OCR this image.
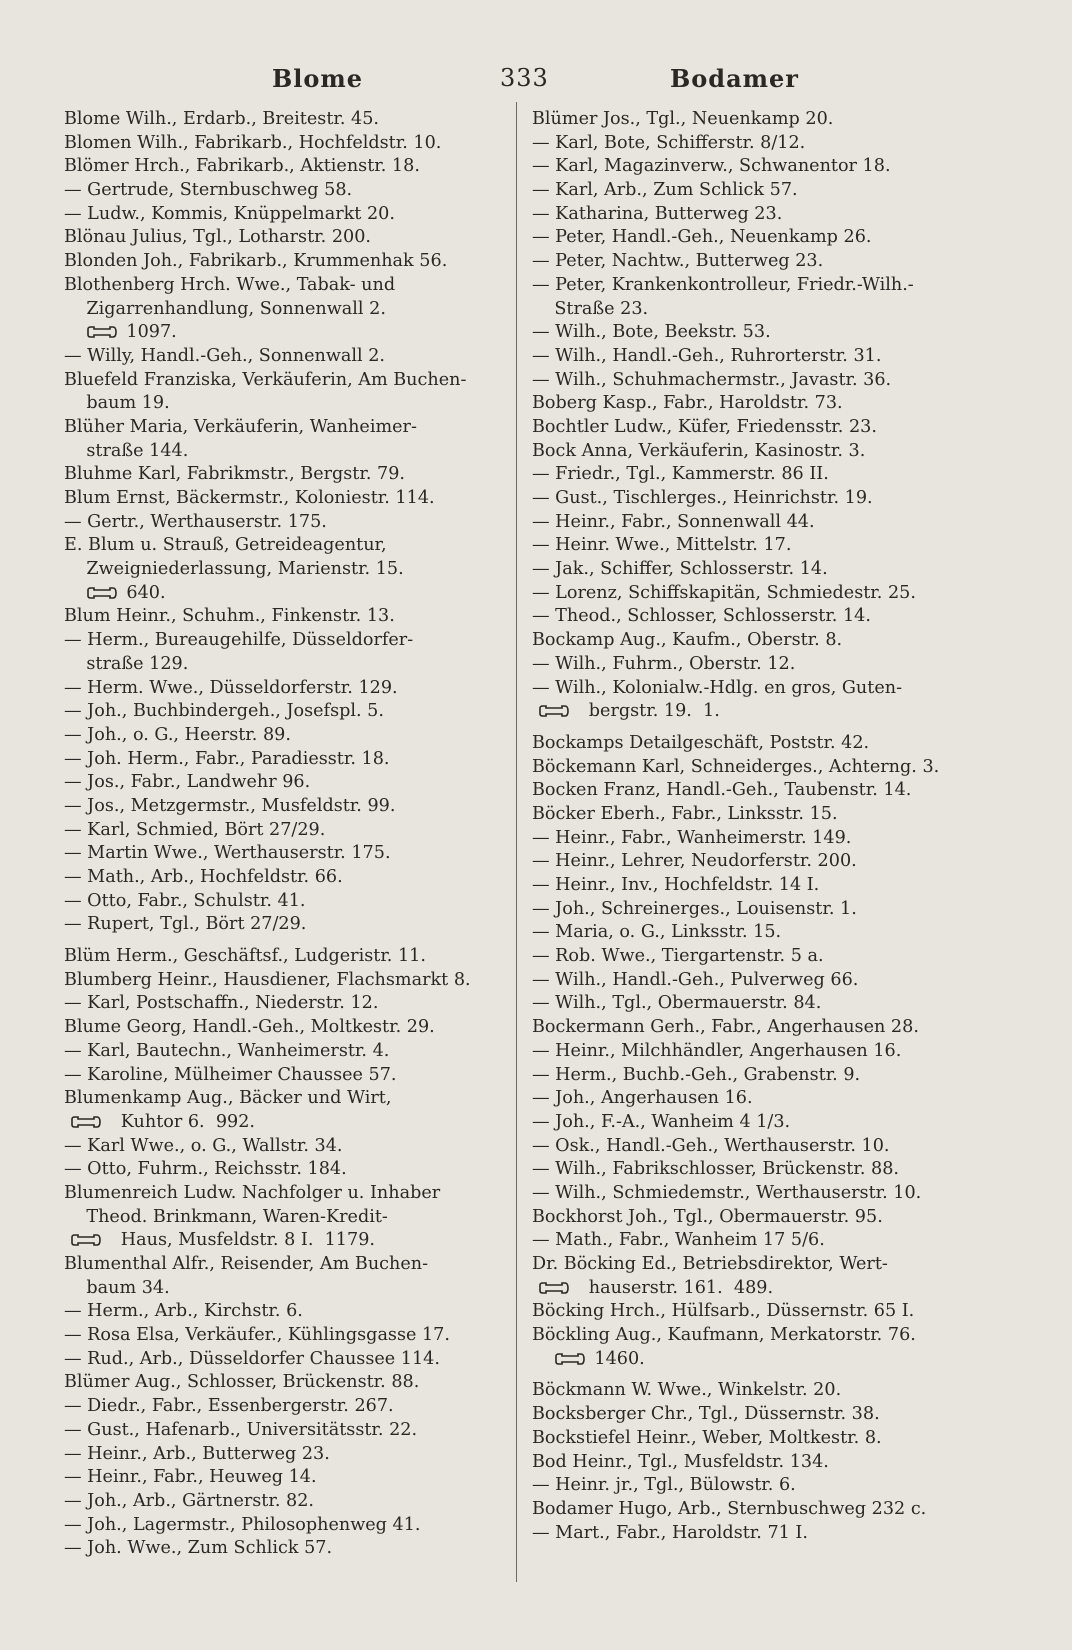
Blome	333	Bodamer
Blome Wilh., Erdarb., Breitestr. 45.
Blomen Wilh., Fabrikarb., Hochfeldstr. 10.
Blömer Hrch., Fabrikarb., Aktienstr. 18.
— Gertrude, Sternbuschweg 58.
— Ludw., Kommis, Knüppelmarkt 20.
Blönau Julius, Tgl., Lotharstr. 200.
Blonden Joh., Fabrikarb., Krummenhak 56.
Blothenberg Hrch. Wwe., Tabak- und
Zigarrenhandlung, Sonnenwall 2.
1097.
— Willy, Handl.-Geh., Sonnenwall 2.
Bluefeld Franziska, Verkäuferin, Am Buchen-
baum 19.
Blüher Maria, Verkäuferin, Wanheimer-
straße 144.
Bluhme Karl, Fabrikmstr., Bergstr. 79.
Blum Ernst, Bäckermstr., Koloniestr. 114.
— Gertr., Werthauserstr. 175.
E. Blum u. Strauß, Getreideagentur,
Zweigniederlassung, Marienstr. 15.
640.
Blum Heinr., Schuhm., Finkenstr. 13.
— Herm., Bureaugehilfe, Düsseldorfer-
straße 129.
— Herm. Wwe., Düsseldorferstr. 129.
— Joh., Buchbindergeh., Josefspl. 5.
— Joh., o. G., Heerstr. 89.
— Joh. Herm., Fabr., Paradiesstr. 18.
— Jos., Fabr., Landwehr 96.
— Jos., Metzgermstr., Musfeldstr. 99.
— Karl, Schmied, Bört 27/29.
— Martin Wwe., Werthauserstr. 175.
— Math., Arb., Hochfeldstr. 66.
— Otto, Fabr., Schulstr. 41.
— Rupert, Tgl., Bört 27/29.
Blüm Herm., Geschäftsf., Ludgeristr. 11.
Blumberg Heinr., Hausdiener, Flachsmarkt 8.
— Karl, Postschaffn., Niederstr. 12.
Blume Georg, Handl.-Geh., Moltkestr. 29.
— Karl, Bautechn., Wanheimerstr. 4.
— Karoline, Mülheimer Chaussee 57.
Blumenkamp Aug., Bäcker und Wirt,
Kuhtor 6.  992.
— Karl Wwe., o. G., Wallstr. 34.
— Otto, Fuhrm., Reichsstr. 184.
Blumenreich Ludw. Nachfolger u. Inhaber
Theod. Brinkmann, Waren-Kredit-
Haus, Musfeldstr. 8 I.  1179.
Blumenthal Alfr., Reisender, Am Buchen-
baum 34.
— Herm., Arb., Kirchstr. 6.
— Rosa Elsa, Verkäufer., Kühlingsgasse 17.
— Rud., Arb., Düsseldorfer Chaussee 114.
Blümer Aug., Schlosser, Brückenstr. 88.
— Diedr., Fabr., Essenbergerstr. 267.
— Gust., Hafenarb., Universitätsstr. 22.
— Heinr., Arb., Butterweg 23.
— Heinr., Fabr., Heuweg 14.
— Joh., Arb., Gärtnerstr. 82.
— Joh., Lagermstr., Philosophenweg 41.
— Joh. Wwe., Zum Schlick 57.
Blümer Jos., Tgl., Neuenkamp 20.
— Karl, Bote, Schifferstr. 8/12.
— Karl, Magazinverw., Schwanentor 18.
— Karl, Arb., Zum Schlick 57.
— Katharina, Butterweg 23.
— Peter, Handl.-Geh., Neuenkamp 26.
— Peter, Nachtw., Butterweg 23.
— Peter, Krankenkontrolleur, Friedr.-Wilh.-
Straße 23.
— Wilh., Bote, Beekstr. 53.
— Wilh., Handl.-Geh., Ruhrorterstr. 31.
— Wilh., Schuhmachermstr., Javastr. 36.
Boberg Kasp., Fabr., Haroldstr. 73.
Bochtler Ludw., Küfer, Friedensstr. 23.
Bock Anna, Verkäuferin, Kasinostr. 3.
— Friedr., Tgl., Kammerstr. 86 II.
— Gust., Tischlerges., Heinrichstr. 19.
— Heinr., Fabr., Sonnenwall 44.
— Heinr. Wwe., Mittelstr. 17.
— Jak., Schiffer, Schlosserstr. 14.
— Lorenz, Schiffskapitän, Schmiedestr. 25.
— Theod., Schlosser, Schlosserstr. 14.
Bockamp Aug., Kaufm., Oberstr. 8.
— Wilh., Fuhrm., Oberstr. 12.
— Wilh., Kolonialw.-Hdlg. en gros, Guten-
bergstr. 19.  1.
Bockamps Detailgeschäft, Poststr. 42.
Böckemann Karl, Schneiderges., Achterng. 3.
Bocken Franz, Handl.-Geh., Taubenstr. 14.
Böcker Eberh., Fabr., Linksstr. 15.
— Heinr., Fabr., Wanheimerstr. 149.
— Heinr., Lehrer, Neudorferstr. 200.
— Heinr., Inv., Hochfeldstr. 14 I.
— Joh., Schreinerges., Louisenstr. 1.
— Maria, o. G., Linksstr. 15.
— Rob. Wwe., Tiergartenstr. 5 a.
— Wilh., Handl.-Geh., Pulverweg 66.
— Wilh., Tgl., Obermauerstr. 84.
Bockermann Gerh., Fabr., Angerhausen 28.
— Heinr., Milchhändler, Angerhausen 16.
— Herm., Buchb.-Geh., Grabenstr. 9.
— Joh., Angerhausen 16.
— Joh., F.-A., Wanheim 4 1/3.
— Osk., Handl.-Geh., Werthauserstr. 10.
— Wilh., Fabrikschlosser, Brückenstr. 88.
— Wilh., Schmiedemstr., Werthauserstr. 10.
Bockhorst Joh., Tgl., Obermauerstr. 95.
— Math., Fabr., Wanheim 17 5/6.
Dr. Böcking Ed., Betriebsdirektor, Wert-
hauserstr. 161.  489.
Böcking Hrch., Hülfsarb., Düssernstr. 65 I.
Böckling Aug., Kaufmann, Merkatorstr. 76.
1460.
Böckmann W. Wwe., Winkelstr. 20.
Bocksberger Chr., Tgl., Düssernstr. 38.
Bockstiefel Heinr., Weber, Moltkestr. 8.
Bod Heinr., Tgl., Musfeldstr. 134.
— Heinr. jr., Tgl., Bülowstr. 6.
Bodamer Hugo, Arb., Sternbuschweg 232 c.
— Mart., Fabr., Haroldstr. 71 I.
